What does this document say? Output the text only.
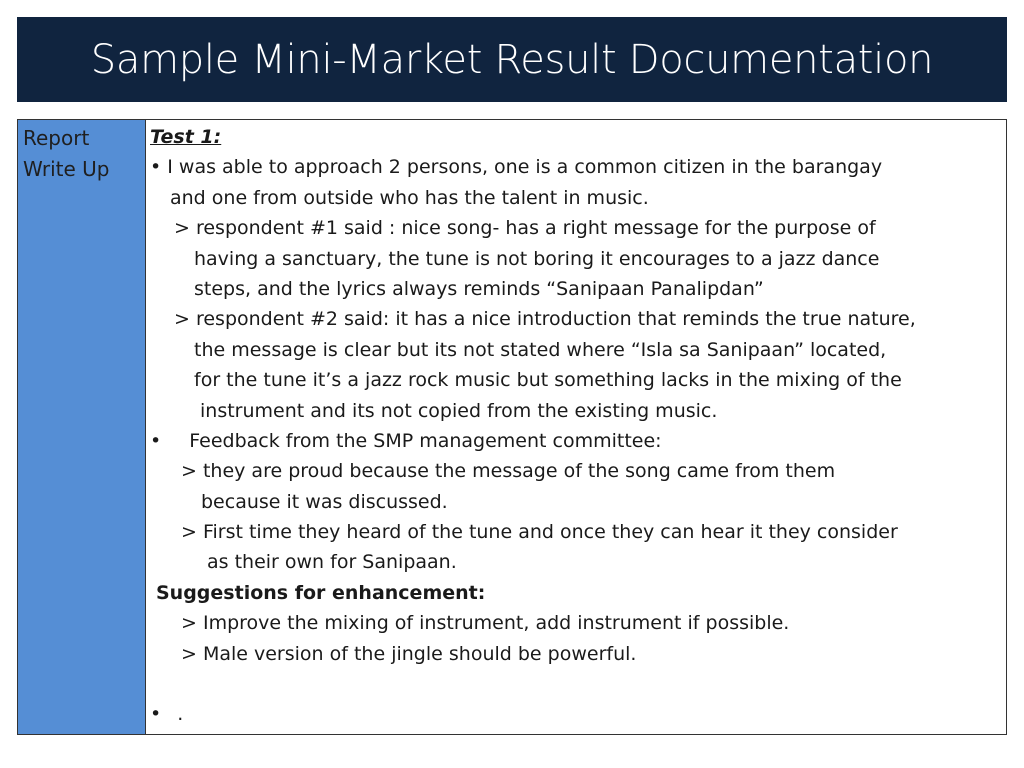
Sample Mini-Market Result Documentation
Report
Write Up
Test 1:
• I was able to approach 2 persons, one is a common citizen in the barangay
and one from outside who has the talent in music.
> respondent #1 said : nice song- has a right message for the purpose of
having a sanctuary, the tune is not boring it encourages to a jazz dance
steps, and the lyrics always reminds “Sanipaan Panalipdan”
> respondent #2 said: it has a nice introduction that reminds the true nature,
the message is clear but its not stated where “Isla sa Sanipaan” located,
for the tune it’s a jazz rock music but something lacks in the mixing of the
instrument and its not copied from the existing music.
• Feedback from the SMP management committee:
> they are proud because the message of the song came from them
because it was discussed.
> First time they heard of the tune and once they can hear it they consider
as their own for Sanipaan.
Suggestions for enhancement:
> Improve the mixing of instrument, add instrument if possible.
> Male version of the jingle should be powerful.
• .
